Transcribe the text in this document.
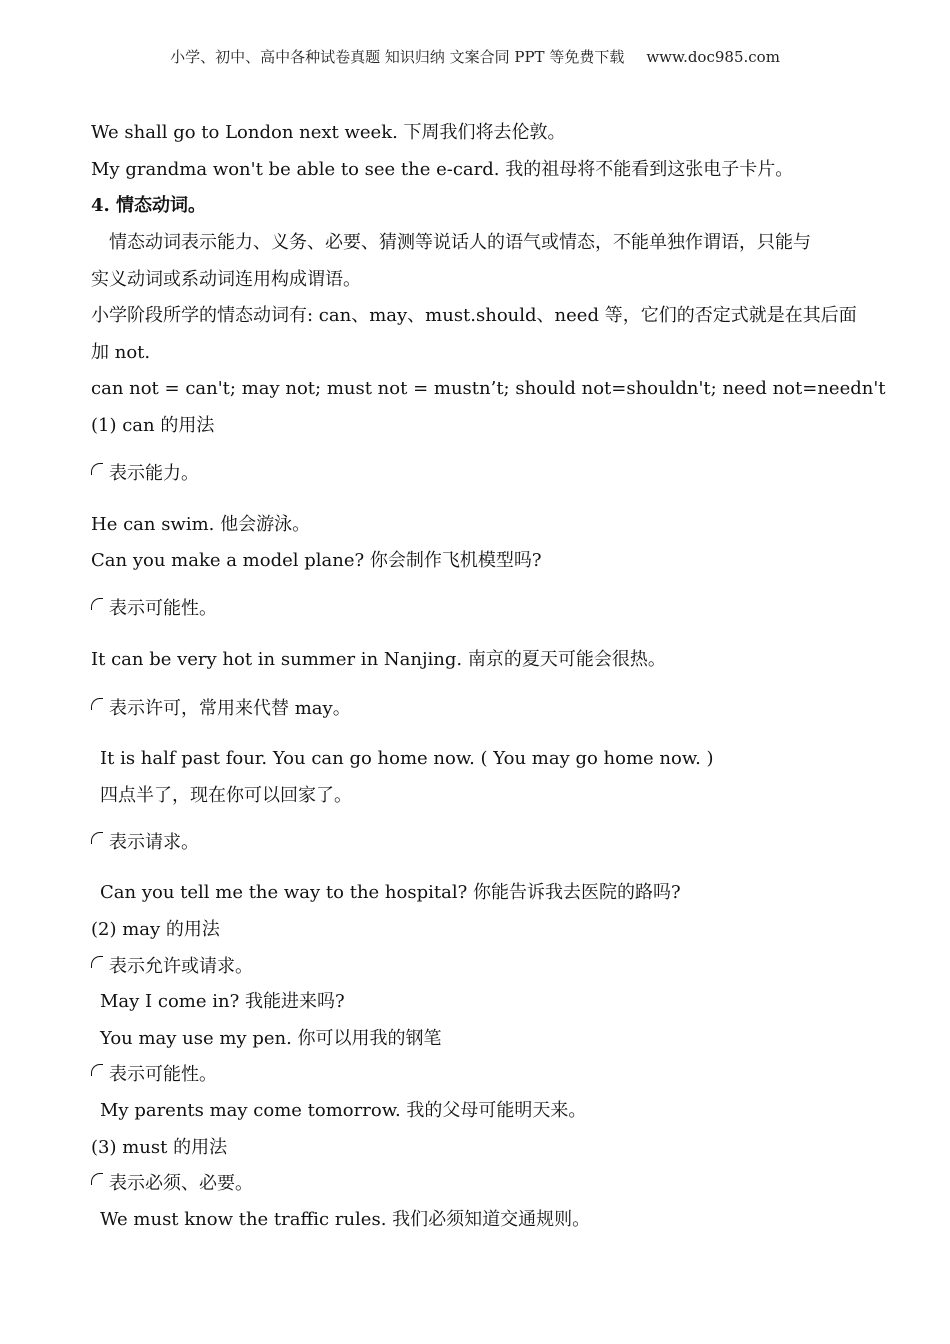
小学、初中、高中各种试卷真题 知识归纳 文案合同 PPT 等免费下载 www.doc985.com
We shall go to London next week. 下周我们将去伦敦。
My grandma won't be able to see the e-card. 我的祖母将不能看到这张电子卡片。
4. 情态动词。
情态动词表示能力、义务、必要、猜测等说话人的语气或情态，不能单独作谓语，只能与
实义动词或系动词连用构成谓语。
小学阶段所学的情态动词有: can、may、must.should、need 等，它们的否定式就是在其后面
加 not.
can not = can't; may not; must not = mustn’t; should not=shouldn't; need not=needn't
(1) can 的用法
表示能力。
He can swim. 他会游泳。
Can you make a model plane? 你会制作飞机模型吗?
表示可能性。
It can be very hot in summer in Nanjing. 南京的夏天可能会很热。
表示许可，常用来代替 may。
It is half past four. You can go home now. ( You may go home now. )
四点半了，现在你可以回家了。
表示请求。
Can you tell me the way to the hospital? 你能告诉我去医院的路吗?
(2) may 的用法
表示允许或请求。
May I come in? 我能进来吗?
You may use my pen. 你可以用我的钢笔
表示可能性。
My parents may come tomorrow. 我的父母可能明天来。
(3) must 的用法
表示必须、必要。
We must know the traffic rules. 我们必须知道交通规则。
